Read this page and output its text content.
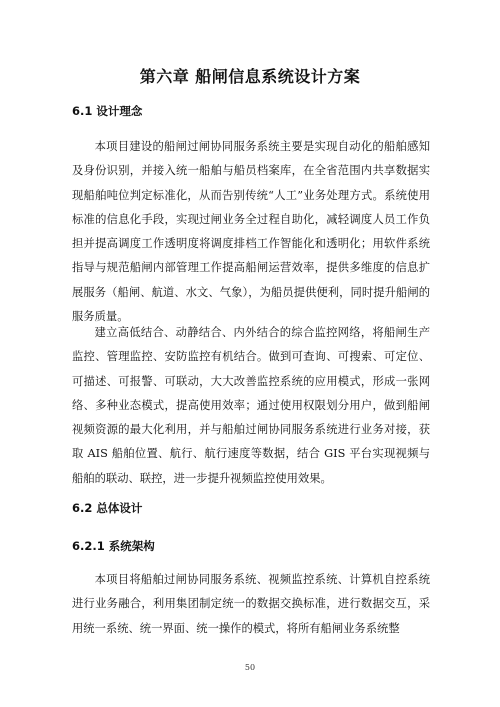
第六章 船闸信息系统设计方案
6.1 设计理念

本项目建设的船闸过闸协同服务系统主要是实现自动化的船舶感知及身份识别，并接入统一船舶与船员档案库，在全省范围内共享数据实现船舶吨位判定标准化，从而告别传统“人工”业务处理方式。系统使用标准的信息化手段，实现过闸业务全过程自助化，减轻调度人员工作负担并提高调度工作透明度将调度排档工作智能化和透明化；用软件系统指导与规范船闸内部管理工作提高船闸运营效率，提供多维度的信息扩展服务（船闸、航道、水文、气象），为船员提供便利，同时提升船闸的服务质量。

建立高低结合、动静结合、内外结合的综合监控网络，将船闸生产监控、管理监控、安防监控有机结合。做到可查询、可搜索、可定位、可描述、可报警、可联动，大大改善监控系统的应用模式，形成一张网络、多种业态模式，提高使用效率；通过使用权限划分用户，做到船闸视频资源的最大化利用，并与船舶过闸协同服务系统进行业务对接，获取 AIS 船舶位置、航行、航行速度等数据，结合 GIS 平台实现视频与船舶的联动、联控，进一步提升视频监控使用效果。

6.2 总体设计
6.2.1 系统架构

本项目将船舶过闸协同服务系统、视频监控系统、计算机自控系统进行业务融合，利用集团制定统一的数据交换标准，进行数据交互，采用统一系统、统一界面、统一操作的模式，将所有船闸业务系统整

50
